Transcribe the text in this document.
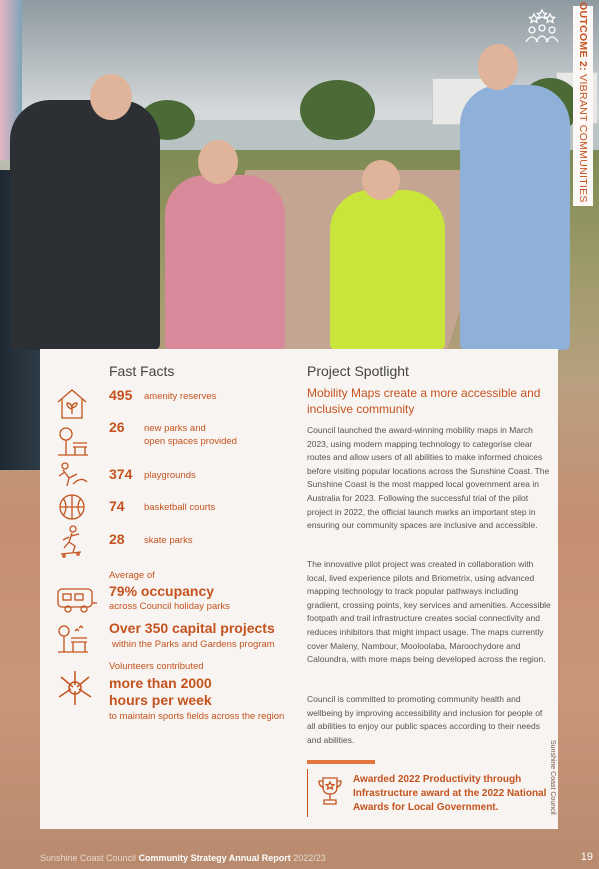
OUTCOME 2: VIBRANT COMMUNITIES
Fast Facts
495 amenity reserves
26 new parks and
open spaces provided
374 playgrounds
74 basketball courts
28 skate parks
Average of
79% occupancy
across Council holiday parks
Over 350 capital projects
within the Parks and Gardens program
Volunteers contributed
more than 2000
hours per week
to maintain sports fields across the region
Project Spotlight
Mobility Maps create a more accessible and inclusive community
Council launched the award-winning mobility maps in March 2023, using modern mapping technology to categorise clear routes and allow users of all abilities to make informed choices before visiting popular locations across the Sunshine Coast. The Sunshine Coast is the most mapped local government area in Australia for 2023. Following the successful trial of the pilot project in 2022, the official launch marks an important step in ensuring our community spaces are inclusive and accessible.
The innovative pilot project was created in collaboration with local, lived experience pilots and Briometrix, using advanced mapping technology to track popular pathways including gradient, crossing points, key services and amenities. Accessible footpath and trail infrastructure creates social connectivity and reduces inhibitors that might impact usage. The maps currently cover Maleny, Nambour, Mooloolaba, Maroochydore and Caloundra, with more maps being developed across the region.
Council is committed to promoting community health and wellbeing by improving accessibility and inclusion for people of all abilities to enjoy our public spaces according to their needs and abilities.
Awarded 2022 Productivity through Infrastructure award at the 2022 National Awards for Local Government.	Sunshine Coast Council
Sunshine Coast Council Community Strategy Annual Report 2022/23	19
